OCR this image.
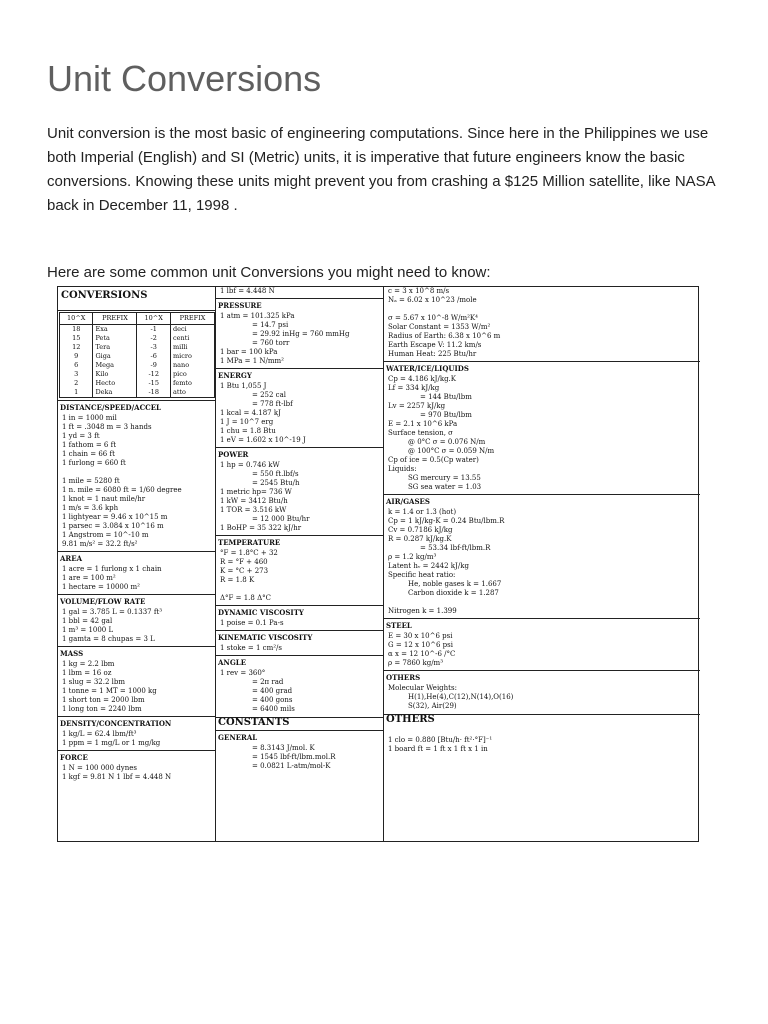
Unit Conversions
Unit conversion is the most basic of engineering computations. Since here in the Philippines we use both Imperial (English) and SI (Metric) units, it is imperative that future engineers know the basic conversions. Knowing these units might prevent you from crashing a $125 Million satellite, like NASA back in December 11, 1998 .
Here are some common unit Conversions you might need to know:
CONVERSIONS
10^X	PREFIX	10^X	PREFIX
18	Exa	-1	deci
15	Peta	-2	centi
12	Tera	-3	milli
9	Giga	-6	micro
6	Mega	-9	nano
3	Kilo	-12	pico
2	Hecto	-15	femto
1	Deka	-18	atto
DISTANCE/SPEED/ACCEL
1 in = 1000 mil
1 ft = .3048 m = 3 hands
1 yd = 3 ft
1 fathom = 6 ft
1 chain = 66 ft
1 furlong = 660 ft

1 mile = 5280 ft
1 n. mile = 6080 ft = 1/60 degree
1 knot = 1 naut mile/hr
1 m/s = 3.6 kph
1 lightyear = 9.46 x 10^15 m
1 parsec = 3.084 x 10^16 m
1 Angstrom = 10^-10 m
9.81 m/s² = 32.2 ft/s²
AREA
1 acre = 1 furlong x 1 chain
1 are = 100 m²
1 hectare = 10000 m²
VOLUME/FLOW RATE
1 gal = 3.785 L = 0.1337 ft³
1 bbl = 42 gal
1 m³ = 1000 L
1 gamta = 8 chupas = 3 L
MASS
1 kg = 2.2 lbm
1 lbm = 16 oz
1 slug = 32.2 lbm
1 tonne = 1 MT = 1000 kg
1 short ton = 2000 lbm
1 long ton = 2240 lbm
DENSITY/CONCENTRATION
1 kg/L = 62.4 lbm/ft³
1 ppm = 1 mg/L or 1 mg/kg
FORCE
1 N = 100 000 dynes
1 kgf = 9.81 N 1 lbf = 4.448 N
1 lbf = 4.448 N
PRESSURE
1 atm = 101.325 kPa
= 14.7 psi
= 29.92 inHg = 760 mmHg
= 760 torr
1 bar = 100 kPa
1 MPa = 1 N/mm²
ENERGY
1 Btu 1,055 J
= 252 cal
= 778 ft-lbf
1 kcal = 4.187 kJ
1 J = 10^7 erg
1 chu = 1.8 Btu
1 eV = 1.602 x 10^-19 J
POWER
1 hp = 0.746 kW
= 550 ft.lbf/s
= 2545 Btu/h
1 metric hp= 736 W
1 kW = 3412 Btu/h
1 TOR = 3.516 kW
= 12 000 Btu/hr
1 BoHP = 35 322 kJ/hr
TEMPERATURE
°F = 1.8°C + 32
R = °F + 460
K = °C + 273
R = 1.8 K

Δ°F = 1.8 Δ°C
DYNAMIC VISCOSITY
1 poise = 0.1 Pa-s
KINEMATIC VISCOSITY
1 stoke = 1 cm²/s
ANGLE
1 rev = 360°
= 2π rad
= 400 grad
= 400 gons
= 6400 mils
CONSTANTS
GENERAL
= 8.3143 J/mol. K
= 1545 lbf-ft/lbm.mol.R
= 0.0821 L-atm/mol-K
c = 3 x 10^8 m/s
Nₐ = 6.02 x 10^23 /mole

σ = 5.67 x 10^-8 W/m²K⁴
Solar Constant = 1353 W/m²
Radius of Earth: 6.38 x 10^6 m
Earth Escape V: 11.2 km/s
Human Heat: 225 Btu/hr
WATER/ICE/LIQUIDS
Cp = 4.186 kJ/kg.K
Lf = 334 kJ/kg
= 144 Btu/lbm
Lv = 2257 kJ/kg
= 970 Btu/lbm
E = 2.1 x 10^6 kPa
Surface tension, σ
@ 0°C σ = 0.076 N/m
@ 100°C σ = 0.059 N/m
Cp of ice = 0.5(Cp water)
Liquids:
SG mercury = 13.55
SG sea water = 1.03
AIR/GASES
k = 1.4 or 1.3 (hot)
Cp = 1 kJ/kg-K = 0.24 Btu/lbm.R
Cv = 0.7186 kJ/kg
R = 0.287 kJ/kg.K
= 53.34 lbf-ft/lbm.R
ρ = 1.2 kg/m³
Latent hᵥ = 2442 kJ/kg
Specific heat ratio:
He, noble gases k = 1.667
Carbon dioxide k = 1.287

Nitrogen k = 1.399
STEEL
E = 30 x 10^6 psi
G = 12 x 10^6 psi
α x = 12 10^-6 /°C
ρ = 7860 kg/m³
OTHERS
Molecular Weights:
H(1),He(4),C(12),N(14),O(16)
S(32), Air(29)
OTHERS

1 clo = 0.880 [Btu/h· ft²·°F]⁻¹
1 board ft = 1 ft x 1 ft x 1 in
